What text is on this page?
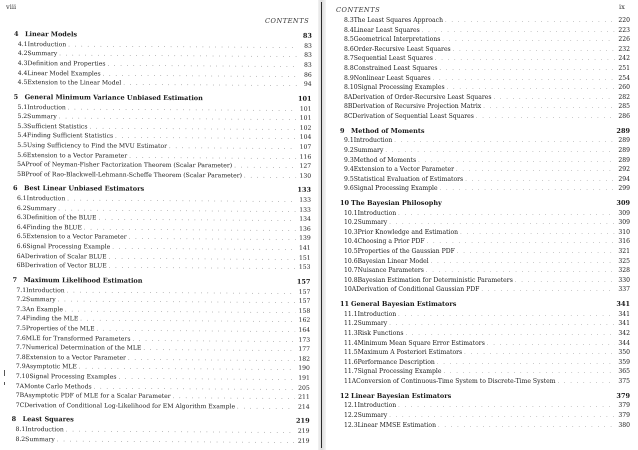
viii
CONTENTS
4 Linear Models	83
4.1 Introduction . . .	83
4.2 Summary . . .	83
4.3 Definition and Properties . . .	83
4.4 Linear Model Examples . . .	86
4.5 Extension to the Linear Model . . .	94
5 General Minimum Variance Unbiased Estimation	101
5.1 Introduction . . .	101
5.2 Summary . . .	101
5.3 Sufficient Statistics . . .	102
5.4 Finding Sufficient Statistics . . .	104
5.5 Using Sufficiency to Find the MVU Estimator . . .	107
5.6 Extension to a Vector Parameter . . .	116
5A Proof of Neyman-Fisher Factorization Theorem (Scalar Parameter) . . .	127
5B Proof of Rao-Blackwell-Lehmann-Scheffe Theorem (Scalar Parameter) . . .	130
6 Best Linear Unbiased Estimators	133
6.1 Introduction . . .	133
6.2 Summary . . .	133
6.3 Definition of the BLUE . . .	134
6.4 Finding the BLUE . . .	136
6.5 Extension to a Vector Parameter . . .	139
6.6 Signal Processing Example . . .	141
6A Derivation of Scalar BLUE . . .	151
6B Derivation of Vector BLUE . . .	153
7 Maximum Likelihood Estimation	157
7.1 Introduction . . .	157
7.2 Summary . . .	157
7.3 An Example . . .	158
7.4 Finding the MLE . . .	162
7.5 Properties of the MLE . . .	164
7.6 MLE for Transformed Parameters . . .	173
7.7 Numerical Determination of the MLE . . .	177
7.8 Extension to a Vector Parameter . . .	182
7.9 Asymptotic MLE . . .	190
7.10 Signal Processing Examples . . .	191
7A Monte Carlo Methods . . .	205
7B Asymptotic PDF of MLE for a Scalar Parameter . . .	211
7C Derivation of Conditional Log-Likelihood for EM Algorithm Example . . .	214
8 Least Squares	219
8.1 Introduction . . .	219
8.2 Summary . . .	219
CONTENTS	ix
8.3 The Least Squares Approach . . .	220
8.4 Linear Least Squares . . .	223
8.5 Geometrical Interpretations . . .	226
8.6 Order-Recursive Least Squares . . .	232
8.7 Sequential Least Squares . . .	242
8.8 Constrained Least Squares . . .	251
8.9 Nonlinear Least Squares . . .	254
8.10 Signal Processing Examples . . .	260
8A Derivation of Order-Recursive Least Squares . . .	282
8B Derivation of Recursive Projection Matrix . . .	285
8C Derivation of Sequential Least Squares . . .	286
9 Method of Moments	289
9.1 Introduction . . .	289
9.2 Summary . . .	289
9.3 Method of Moments . . .	289
9.4 Extension to a Vector Parameter . . .	292
9.5 Statistical Evaluation of Estimators . . .	294
9.6 Signal Processing Example . . .	299
10 The Bayesian Philosophy	309
10.1 Introduction . . .	309
10.2 Summary . . .	309
10.3 Prior Knowledge and Estimation . . .	310
10.4 Choosing a Prior PDF . . .	316
10.5 Properties of the Gaussian PDF . . .	321
10.6 Bayesian Linear Model . . .	325
10.7 Nuisance Parameters . . .	328
10.8 Bayesian Estimation for Deterministic Parameters . . .	330
10A Derivation of Conditional Gaussian PDF . . .	337
11 General Bayesian Estimators	341
11.1 Introduction . . .	341
11.2 Summary . . .	341
11.3 Risk Functions . . .	342
11.4 Minimum Mean Square Error Estimators . . .	344
11.5 Maximum A Posteriori Estimators . . .	350
11.6 Performance Description . . .	359
11.7 Signal Processing Example . . .	365
11A Conversion of Continuous-Time System to Discrete-Time System . . .	375
12 Linear Bayesian Estimators	379
12.1 Introduction . . .	379
12.2 Summary . . .	379
12.3 Linear MMSE Estimation . . .	380
